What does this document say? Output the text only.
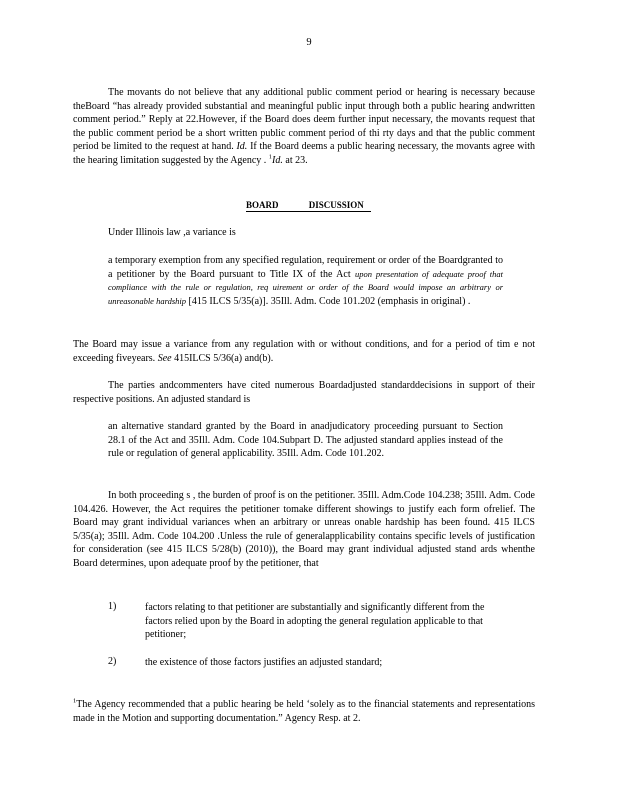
9
The movants do not believe that any additional public comment period or hearing is necessary because theBoard “has already provided substantial and meaningful public input through both a public hearing andwritten comment period.” Reply at 22.However, if the Board does deem further input necessary, the movants request that the public comment period be a short written public comment period of thi rty days and that the public comment period be limited to the request at hand. Id. If the Board deems a public hearing necessary, the movants agree with the hearing limitation suggested by the Agency . $^1$Id. at 23.
BOARD	DISCUSSION
Under Illinois law ,a variance is
a temporary exemption from any specified regulation, requirement or order of the Boardgranted to a petitioner by the Board pursuant to Title IX of the Act upon presentation of adequate proof that compliance with the rule or regulation, req uirement or order of the Board would impose an arbitrary or unreasonable hardship [415 ILCS 5/35(a)]. 35Ill. Adm. Code 101.202 (emphasis in original) .
The Board may issue a variance from any regulation with or without conditions, and for a period of tim e not exceeding fiveyears. See 415ILCS 5/36(a) and(b).
The parties andcommenters have cited numerous Boardadjusted standarddecisions in support of their respective positions. An adjusted standard is
an alternative standard granted by the Board in anadjudicatory proceeding pursuant to Section 28.1 of the Act and 35Ill. Adm. Code 104.Subpart D. The adjusted standard applies instead of the rule or regulation of general applicability. 35Ill. Adm. Code 101.202.
In both proceeding s , the burden of proof is on the petitioner. 35Ill. Adm.Code 104.238; 35Ill. Adm. Code 104.426. However, the Act requires the petitioner tomake different showings to justify each form ofrelief. The Board may grant individual variances when an arbitrary or unreas onable hardship has been found. 415 ILCS 5/35(a); 35Ill. Adm. Code 104.200 .Unless the rule of generalapplicability contains specific levels of justification for consideration (see 415 ILCS 5/28(b) (2010)), the Board may grant individual adjusted stand ards whenthe Board determines, upon adequate proof by the petitioner, that
1)	factors relating to that petitioner are substantially and significantly different from the factors relied upon by the Board in adopting the general regulation applicable to that petitioner;
2)	the existence of those factors justifies an adjusted standard;
$^1$The Agency recommended that a public hearing be held ‘solely as to the financial statements and representations made in the Motion and supporting documentation.” Agency Resp. at 2.
